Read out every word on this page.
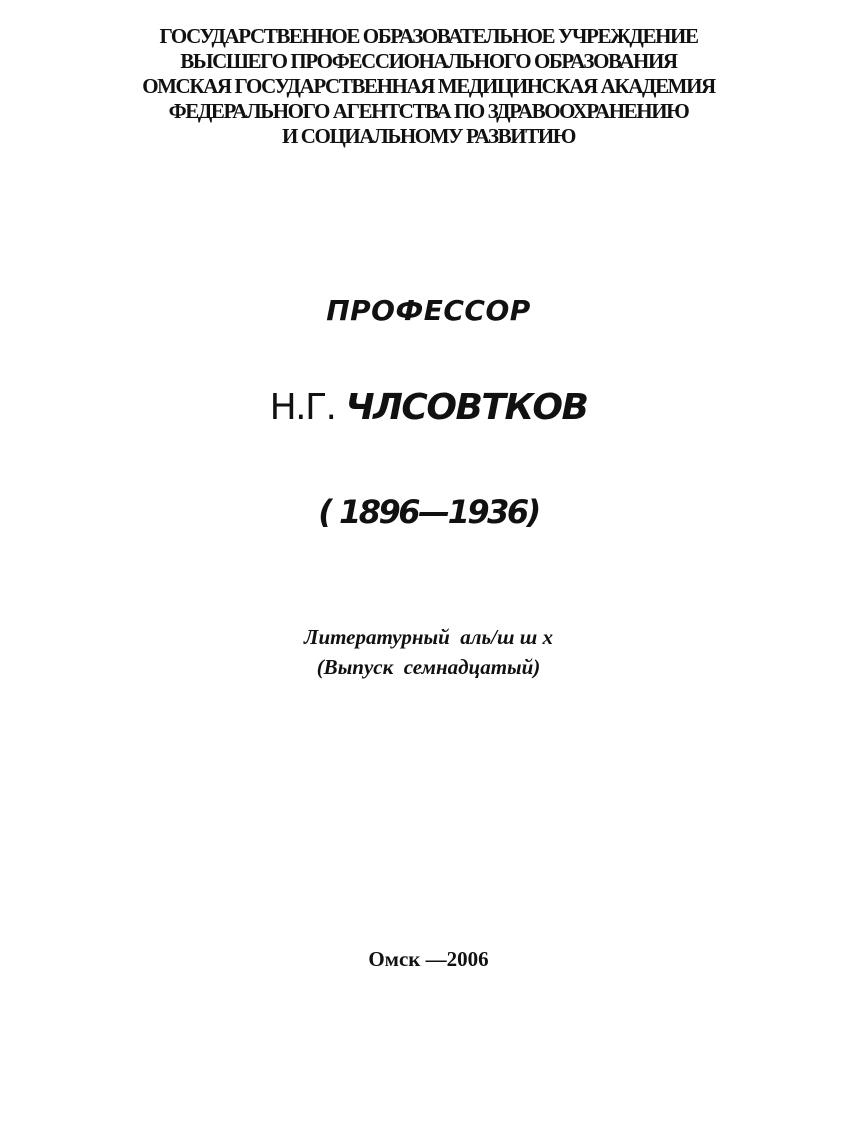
ГОСУДАРСТВЕННОЕ ОБРАЗОВАТЕЛЬНОЕ УЧРЕЖДЕНИЕ
ВЫСШЕГО ПРОФЕССИОНАЛЬНОГО ОБРАЗОВАНИЯ
ОМСКАЯ ГОСУДАРСТВЕННАЯ МЕДИЦИНСКАЯ АКАДЕМИЯ
ФЕДЕРАЛЬНОГО АГЕНТСТВА ПО ЗДРАВООХРАНЕНИЮ
И СОЦИАЛЬНОМУ РАЗВИТИЮ
ПРОФЕССОР
Н.Г. ЧЛСОВТКОВ
( 1896—1936)
Литературный  аль/ш ш х
(Выпуск  семнадцатый)
Омск —2006
